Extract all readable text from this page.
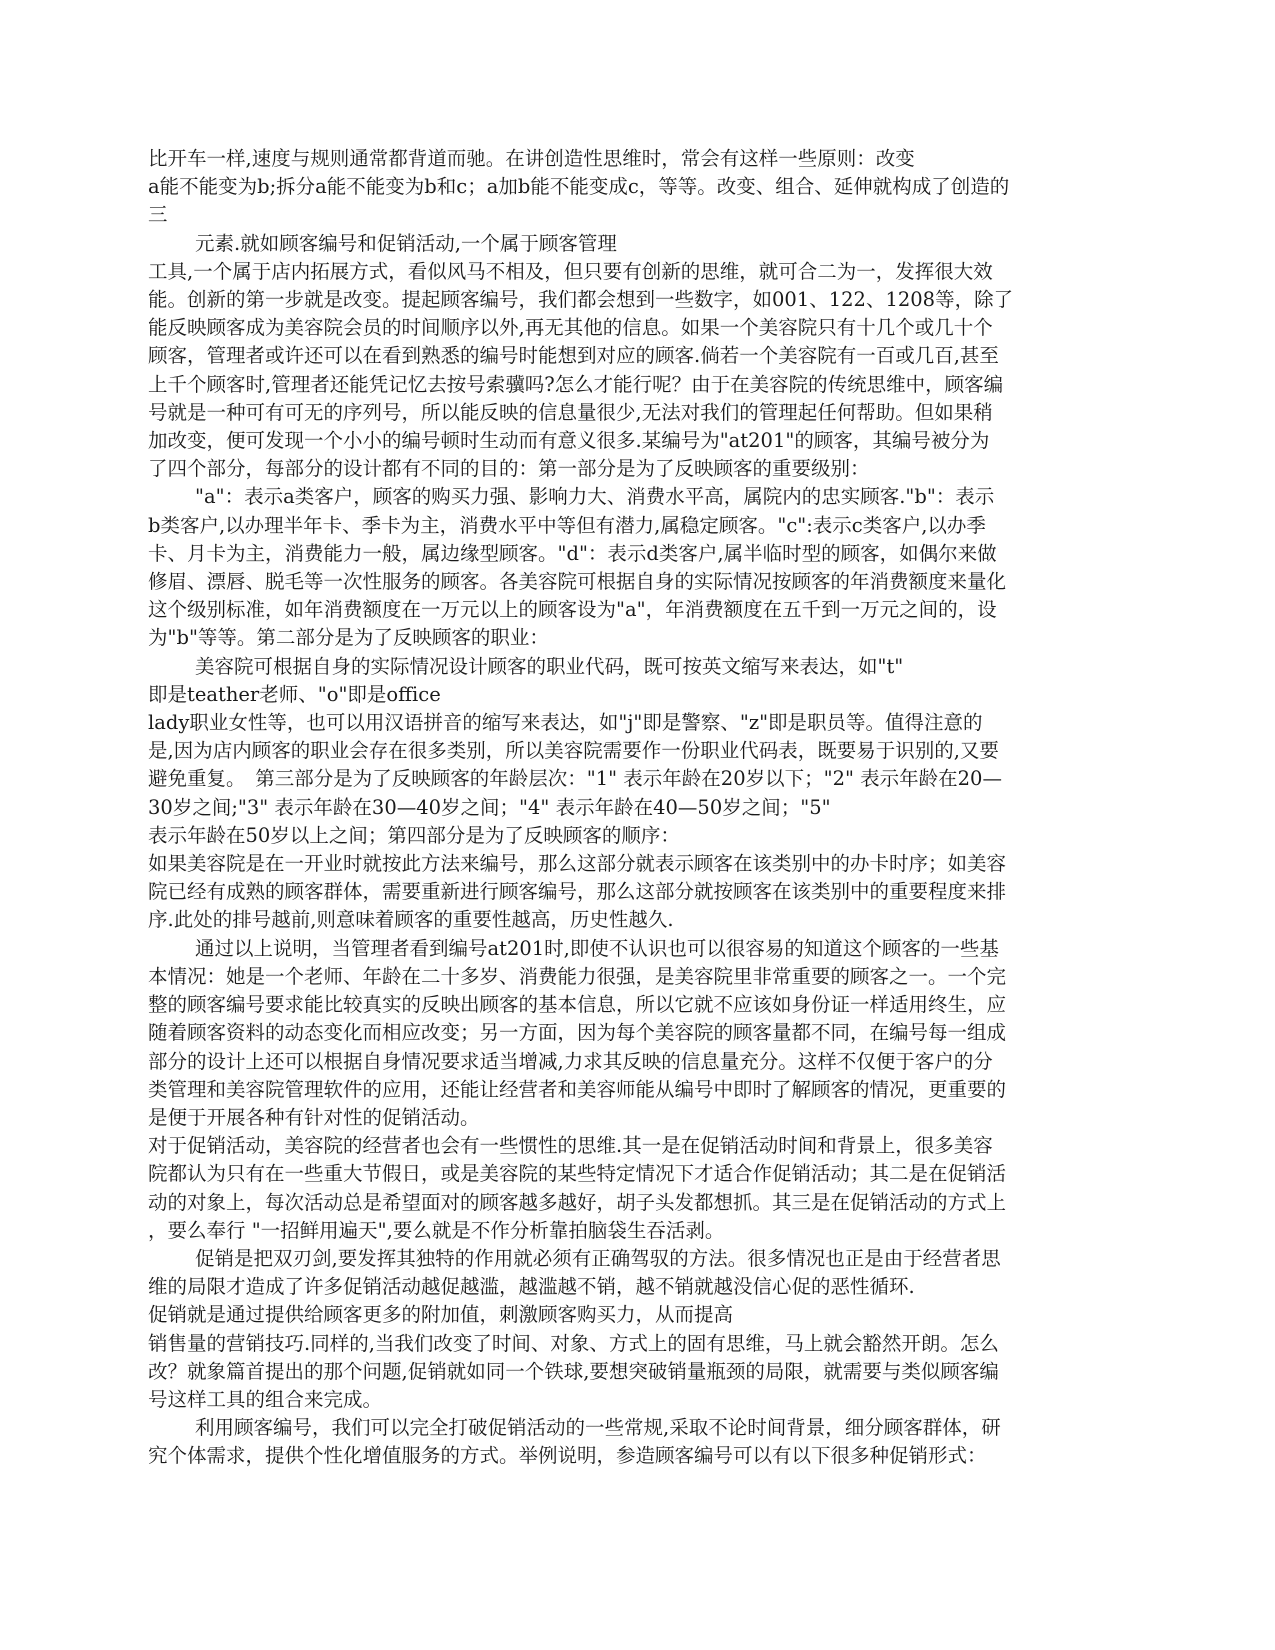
比开车一样,速度与规则通常都背道而驰。在讲创造性思维时，常会有这样一些原则：改变
a能不能变为b;拆分a能不能变为b和c；a加b能不能变成c，等等。改变、组合、延伸就构成了创造的
三
元素.就如顾客编号和促销活动,一个属于顾客管理
工具,一个属于店内拓展方式，看似风马不相及，但只要有创新的思维，就可合二为一，发挥很大效
能。创新的第一步就是改变。提起顾客编号，我们都会想到一些数字，如001、122、1208等，除了
能反映顾客成为美容院会员的时间顺序以外,再无其他的信息。如果一个美容院只有十几个或几十个
顾客，管理者或许还可以在看到熟悉的编号时能想到对应的顾客.倘若一个美容院有一百或几百,甚至
上千个顾客时,管理者还能凭记忆去按号索骥吗?怎么才能行呢？由于在美容院的传统思维中，顾客编
号就是一种可有可无的序列号，所以能反映的信息量很少,无法对我们的管理起任何帮助。但如果稍
加改变，便可发现一个小小的编号顿时生动而有意义很多.某编号为"at201"的顾客，其编号被分为
了四个部分，每部分的设计都有不同的目的：第一部分是为了反映顾客的重要级别：
"a"：表示a类客户，顾客的购买力强、影响力大、消费水平高，属院内的忠实顾客."b"：表示
b类客户,以办理半年卡、季卡为主，消费水平中等但有潜力,属稳定顾客。"c":表示c类客户,以办季
卡、月卡为主，消费能力一般，属边缘型顾客。"d"：表示d类客户,属半临时型的顾客，如偶尔来做
修眉、漂唇、脱毛等一次性服务的顾客。各美容院可根据自身的实际情况按顾客的年消费额度来量化
这个级别标准，如年消费额度在一万元以上的顾客设为"a"，年消费额度在五千到一万元之间的，设
为"b"等等。第二部分是为了反映顾客的职业：
美容院可根据自身的实际情况设计顾客的职业代码，既可按英文缩写来表达，如"t"
即是teather老师、"o"即是office
lady职业女性等，也可以用汉语拼音的缩写来表达，如"j"即是警察、"z"即是职员等。值得注意的
是,因为店内顾客的职业会存在很多类别，所以美容院需要作一份职业代码表，既要易于识别的,又要
避免重复。　第三部分是为了反映顾客的年龄层次："1" 表示年龄在20岁以下；"2" 表示年龄在20—
30岁之间;"3" 表示年龄在30—40岁之间；"4" 表示年龄在40—50岁之间；"5"
表示年龄在50岁以上之间；第四部分是为了反映顾客的顺序：
如果美容院是在一开业时就按此方法来编号，那么这部分就表示顾客在该类别中的办卡时序；如美容
院已经有成熟的顾客群体，需要重新进行顾客编号，那么这部分就按顾客在该类别中的重要程度来排
序.此处的排号越前,则意味着顾客的重要性越高，历史性越久.
通过以上说明，当管理者看到编号at201时,即使不认识也可以很容易的知道这个顾客的一些基
本情况：她是一个老师、年龄在二十多岁、消费能力很强，是美容院里非常重要的顾客之一。一个完
整的顾客编号要求能比较真实的反映出顾客的基本信息，所以它就不应该如身份证一样适用终生，应
随着顾客资料的动态变化而相应改变；另一方面，因为每个美容院的顾客量都不同，在编号每一组成
部分的设计上还可以根据自身情况要求适当增减,力求其反映的信息量充分。这样不仅便于客户的分
类管理和美容院管理软件的应用，还能让经营者和美容师能从编号中即时了解顾客的情况，更重要的
是便于开展各种有针对性的促销活动。
对于促销活动，美容院的经营者也会有一些惯性的思维.其一是在促销活动时间和背景上，很多美容
院都认为只有在一些重大节假日，或是美容院的某些特定情况下才适合作促销活动；其二是在促销活
动的对象上，每次活动总是希望面对的顾客越多越好，胡子头发都想抓。其三是在促销活动的方式上
，要么奉行 "一招鲜用遍天",要么就是不作分析靠拍脑袋生吞活剥。
促销是把双刃剑,要发挥其独特的作用就必须有正确驾驭的方法。很多情况也正是由于经营者思
维的局限才造成了许多促销活动越促越滥，越滥越不销，越不销就越没信心促的恶性循环.
促销就是通过提供给顾客更多的附加值，刺激顾客购买力，从而提高
销售量的营销技巧.同样的,当我们改变了时间、对象、方式上的固有思维，马上就会豁然开朗。怎么
改？就象篇首提出的那个问题,促销就如同一个铁球,要想突破销量瓶颈的局限，就需要与类似顾客编
号这样工具的组合来完成。
利用顾客编号，我们可以完全打破促销活动的一些常规,采取不论时间背景，细分顾客群体，研
究个体需求，提供个性化增值服务的方式。举例说明，参造顾客编号可以有以下很多种促销形式：
